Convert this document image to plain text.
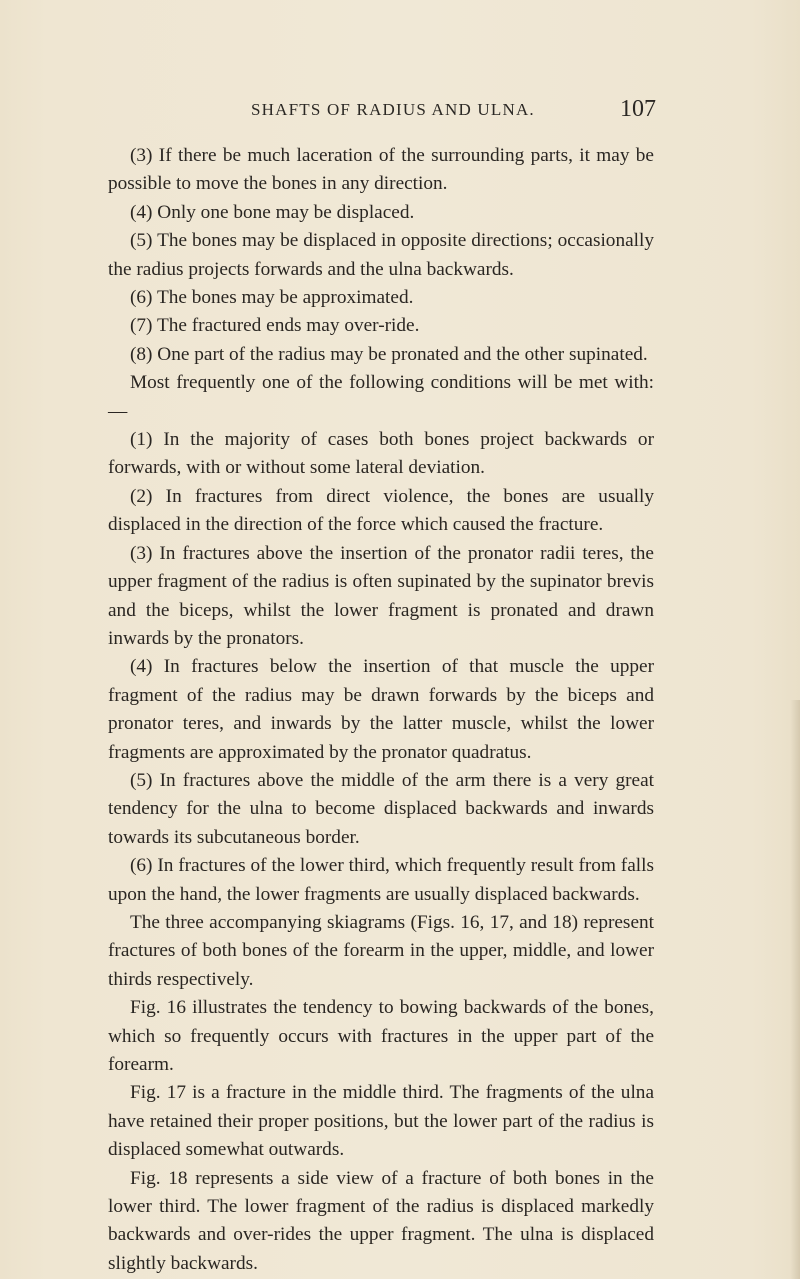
SHAFTS OF RADIUS AND ULNA.	107

(3) If there be much laceration of the surrounding parts, it may be possible to move the bones in any direction.

(4) Only one bone may be displaced.

(5) The bones may be displaced in opposite directions; occasionally the radius projects forwards and the ulna backwards.

(6) The bones may be approximated.

(7) The fractured ends may over-ride.

(8) One part of the radius may be pronated and the other supinated.

Most frequently one of the following conditions will be met with:—

(1) In the majority of cases both bones project backwards or forwards, with or without some lateral deviation.

(2) In fractures from direct violence, the bones are usually displaced in the direction of the force which caused the fracture.

(3) In fractures above the insertion of the pronator radii teres, the upper fragment of the radius is often supinated by the supinator brevis and the biceps, whilst the lower fragment is pronated and drawn inwards by the pronators.

(4) In fractures below the insertion of that muscle the upper fragment of the radius may be drawn forwards by the biceps and pronator teres, and inwards by the latter muscle, whilst the lower fragments are approximated by the pronator quadratus.

(5) In fractures above the middle of the arm there is a very great tendency for the ulna to become displaced backwards and inwards towards its subcutaneous border.

(6) In fractures of the lower third, which frequently result from falls upon the hand, the lower fragments are usually displaced backwards.

The three accompanying skiagrams (Figs. 16, 17, and 18) represent fractures of both bones of the forearm in the upper, middle, and lower thirds respectively.

Fig. 16 illustrates the tendency to bowing backwards of the bones, which so frequently occurs with fractures in the upper part of the forearm.

Fig. 17 is a fracture in the middle third. The fragments of the ulna have retained their proper positions, but the lower part of the radius is displaced somewhat outwards.

Fig. 18 represents a side view of a fracture of both bones in the lower third. The lower fragment of the radius is displaced markedly backwards and over-rides the upper fragment. The ulna is displaced slightly backwards.
